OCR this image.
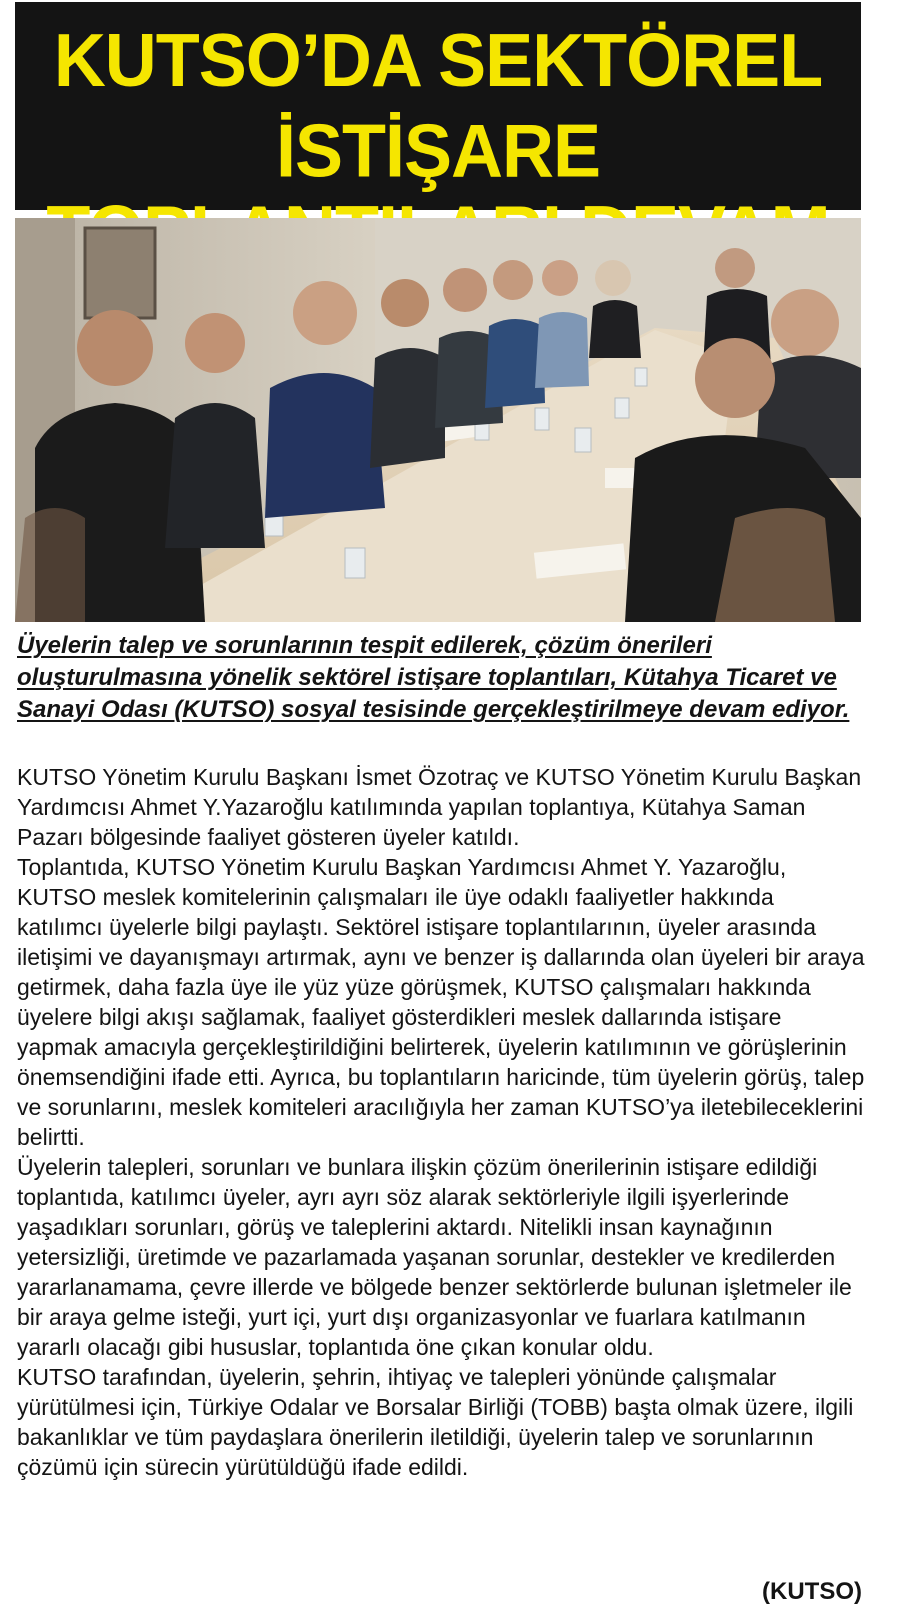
KUTSO’DA SEKTÖREL İSTİŞARE
Üyelerin talep ve sorunlarının tespit edilerek, çözüm önerileri oluşturulmasına yönelik sektörel istişare toplantıları, Kütahya Ticaret ve Sanayi Odası (KUTSO) sosyal tesisinde gerçekleştirilmeye devam ediyor.

KUTSO Yönetim Kurulu Başkanı İsmet Özotraç ve KUTSO Yönetim Kurulu Başkan Yardımcısı Ahmet Y.Yazaroğlu katılımında yapılan toplantıya, Kütahya Saman Pazarı bölgesinde faaliyet gösteren üyeler katıldı.

Toplantıda, KUTSO Yönetim Kurulu Başkan Yardımcısı Ahmet Y. Yazaroğlu, KUTSO meslek komitelerinin çalışmaları ile üye odaklı faaliyetler hakkında katılımcı üyelerle bilgi paylaştı. Sektörel istişare toplantılarının, üyeler arasında iletişimi ve dayanışmayı artırmak, aynı ve benzer iş dallarında olan üyeleri bir araya getirmek, daha fazla üye ile yüz yüze görüşmek, KUTSO çalışmaları hakkında üyelere bilgi akışı sağlamak, faaliyet gösterdikleri meslek dallarında istişare yapmak amacıyla gerçekleştirildiğini belirterek, üyelerin katılımının ve görüşlerinin önemsendiğini ifade etti. Ayrıca, bu toplantıların haricinde, tüm üyelerin görüş, talep ve sorunlarını, meslek komiteleri aracılığıyla her zaman KUTSO’ya iletebileceklerini belirtti.

Üyelerin talepleri, sorunları ve bunlara ilişkin çözüm önerilerinin istişare edildiği toplantıda, katılımcı üyeler, ayrı ayrı söz alarak sektörleriyle ilgili işyerlerinde yaşadıkları sorunları, görüş ve taleplerini aktardı. Nitelikli insan kaynağının yetersizliği, üretimde ve pazarlamada yaşanan sorunlar, destekler ve kredilerden yararlanamama, çevre illerde ve bölgede benzer sektörlerde bulunan işletmeler ile bir araya gelme isteği, yurt içi, yurt dışı organizasyonlar ve fuarlara katılmanın yararlı olacağı gibi hususlar, toplantıda öne çıkan konular oldu.

KUTSO tarafından, üyelerin, şehrin, ihtiyaç ve talepleri yönünde çalışmalar yürütülmesi için, Türkiye Odalar ve Borsalar Birliği (TOBB) başta olmak üzere, ilgili bakanlıklar ve tüm paydaşlara önerilerin iletildiği, üyelerin talep ve sorunlarının çözümü için sürecin yürütüldüğü ifade edildi.

(KUTSO)
